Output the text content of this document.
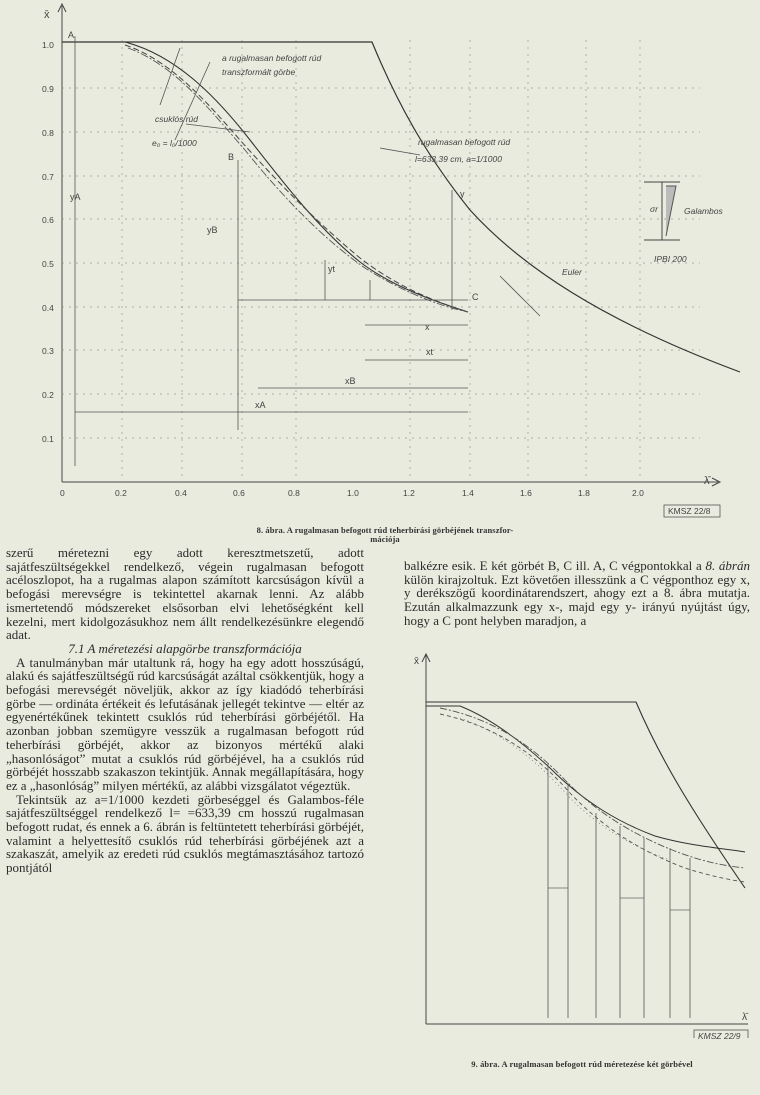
x̄
1.0
0.9
0.8
0.7
0.6
0.5
0.4
0.3
0.2
0.1
0	0.2	0.4	0.6	0.8	1.0	1.2	1.4	1.6	1.8	2.0
λ̄
a rugalmasan befogott rúd
transzformált görbe
csuklós rúd
e₀ = l₀/1000	rugalmasan befogott rúd
l=633,39 cm, a=1/1000
Euler
Galambos
IPBI 200
σr
A
B
C
y
x
xt
yt
yB
yA
xB
xA
KMSZ 22/8
8. ábra. A rugalmasan befogott rúd teherbírási görbéjének transzfor-
mációja

szerű méretezni egy adott keresztmetszetű, adott sajátfeszültségekkel rendelkező, végein rugalmasan befogott acéloszlopot, ha a rugalmas alapon számított karcsúságon kívül a befogási merevségre is tekintettel akarnak lenni. Az alább ismertetendő módszereket elsősorban elvi lehetőségként kell kezelni, mert kidolgozásukhoz nem állt rendelkezésünkre elegendő adat.

7.1 A méretezési alapgörbe transzformációja

A tanulmányban már utaltunk rá, hogy ha egy adott hosszúságú, alakú és sajátfeszültségű rúd karcsúságát azáltal csökkentjük, hogy a befogási merevségét növeljük, akkor az így kiadódó teherbírási görbe — ordináta értékeit és lefutásának jellegét tekintve — eltér az egyenértékűnek tekintett csuklós rúd teherbírási görbéjétől. Ha azonban jobban szemügyre vesszük a rugalmasan befogott rúd teherbírási görbéjét, akkor az bizonyos mértékű alaki „hasonlóságot” mutat a csuklós rúd görbéjével, ha a csuklós rúd görbéjét hosszabb szakaszon tekintjük. Annak megállapítására, hogy ez a „hasonlóság” milyen mértékű, az alábbi vizsgálatot végeztük.

Tekintsük az a=1/1000 kezdeti görbeséggel és Galambos-féle sajátfeszültséggel rendelkező l= =633,39 cm hosszú rugalmasan befogott rudat, és ennek a 6. ábrán is feltüntetett teherbírási görbéjét, valamint a helyettesítő csuklós rúd teherbírási görbéjének azt a szakaszát, amelyik az eredeti rúd csuklós megtámasztásához tartozó pontjától

balkézre esik. E két görbét B, C ill. A, C végpontokkal a 8. ábrán külön kirajzoltuk. Ezt követően illesszünk a C végponthoz egy x, y derékszögű koordinátarendszert, ahogy ezt a 8. ábra mutatja. Ezután alkalmazzunk egy x-, majd egy y- irányú nyújtást úgy, hogy a C pont helyben maradjon, a

x̄
λ̄
KMSZ 22/9
9. ábra. A rugalmasan befogott rúd méretezése két görbével
